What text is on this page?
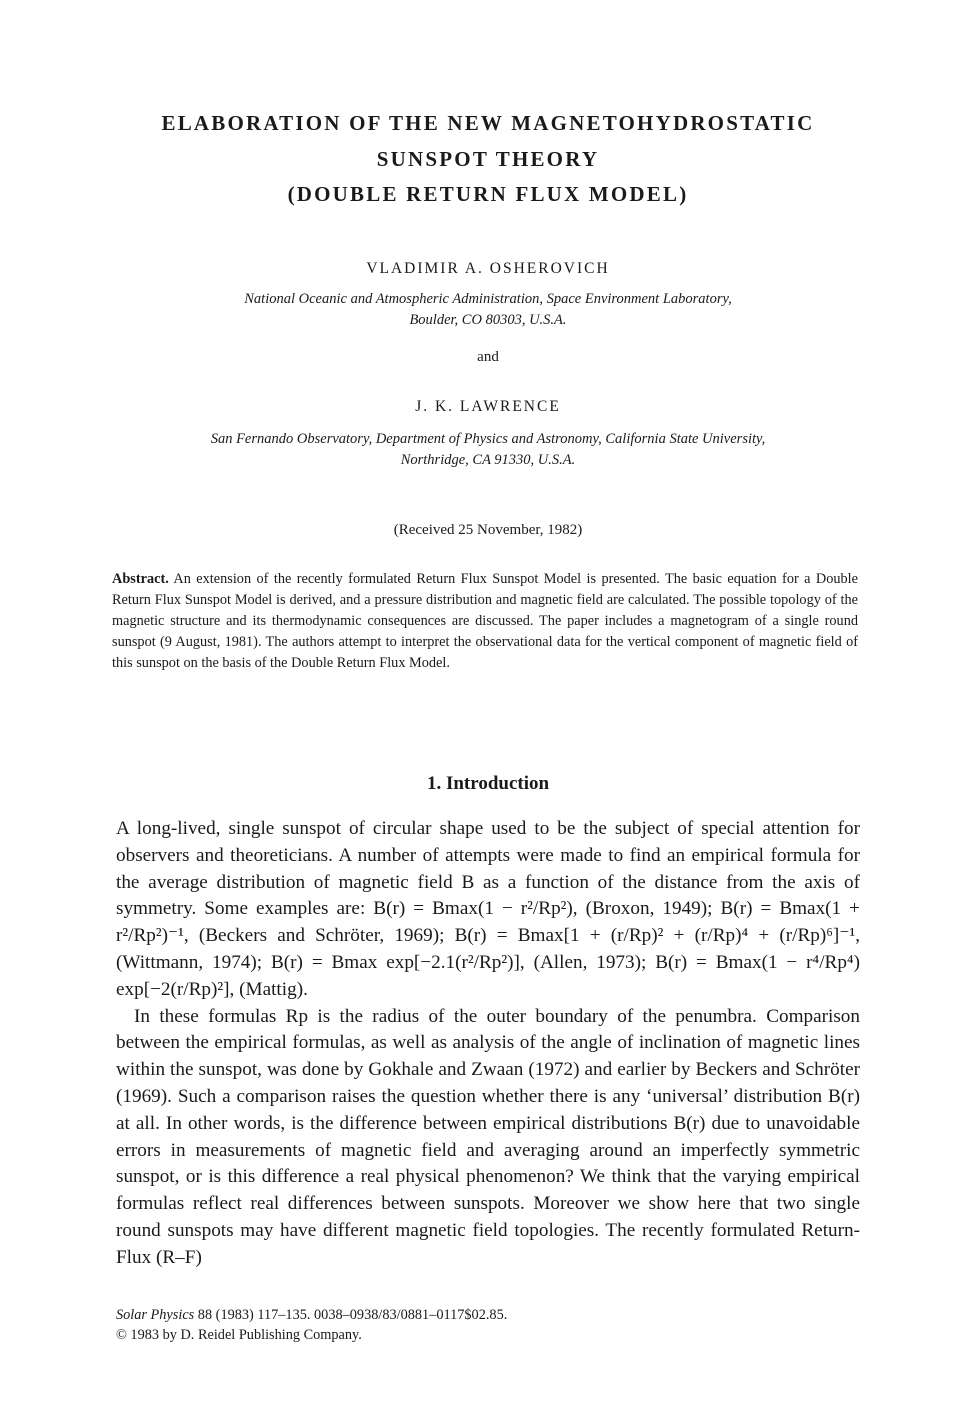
ELABORATION OF THE NEW MAGNETOHYDROSTATIC
SUNSPOT THEORY
(DOUBLE RETURN FLUX MODEL)
VLADIMIR A. OSHEROVICH
National Oceanic and Atmospheric Administration, Space Environment Laboratory,
Boulder, CO 80303, U.S.A.
and
J. K. LAWRENCE
San Fernando Observatory, Department of Physics and Astronomy, California State University,
Northridge, CA 91330, U.S.A.
(Received 25 November, 1982)
Abstract. An extension of the recently formulated Return Flux Sunspot Model is presented. The basic equation for a Double Return Flux Sunspot Model is derived, and a pressure distribution and magnetic field are calculated. The possible topology of the magnetic structure and its thermodynamic consequences are discussed. The paper includes a magnetogram of a single round sunspot (9 August, 1981). The authors attempt to interpret the observational data for the vertical component of magnetic field of this sunspot on the basis of the Double Return Flux Model.
1. Introduction

A long-lived, single sunspot of circular shape used to be the subject of special attention for observers and theoreticians. A number of attempts were made to find an empirical formula for the average distribution of magnetic field B as a function of the distance from the axis of symmetry. Some examples are: B(r) = Bmax(1 − r²/Rp²), (Broxon, 1949); B(r) = Bmax(1 + r²/Rp²)⁻¹, (Beckers and Schröter, 1969); B(r) = Bmax[1 + (r/Rp)² + (r/Rp)⁴ + (r/Rp)⁶]⁻¹, (Wittmann, 1974); B(r) = Bmax exp[−2.1(r²/Rp²)], (Allen, 1973); B(r) = Bmax(1 − r⁴/Rp⁴) exp[−2(r/Rp)²], (Mattig).

In these formulas Rp is the radius of the outer boundary of the penumbra. Comparison between the empirical formulas, as well as analysis of the angle of inclination of magnetic lines within the sunspot, was done by Gokhale and Zwaan (1972) and earlier by Beckers and Schröter (1969). Such a comparison raises the question whether there is any ‘universal’ distribution B(r) at all. In other words, is the difference between empirical distributions B(r) due to unavoidable errors in measurements of magnetic field and averaging around an imperfectly symmetric sunspot, or is this difference a real physical phenomenon? We think that the varying empirical formulas reflect real differences between sunspots. Moreover we show here that two single round sunspots may have different magnetic field topologies. The recently formulated Return-Flux (R–F)

Solar Physics 88 (1983) 117–135. 0038–0938/83/0881–0117$02.85.
© 1983 by D. Reidel Publishing Company.
